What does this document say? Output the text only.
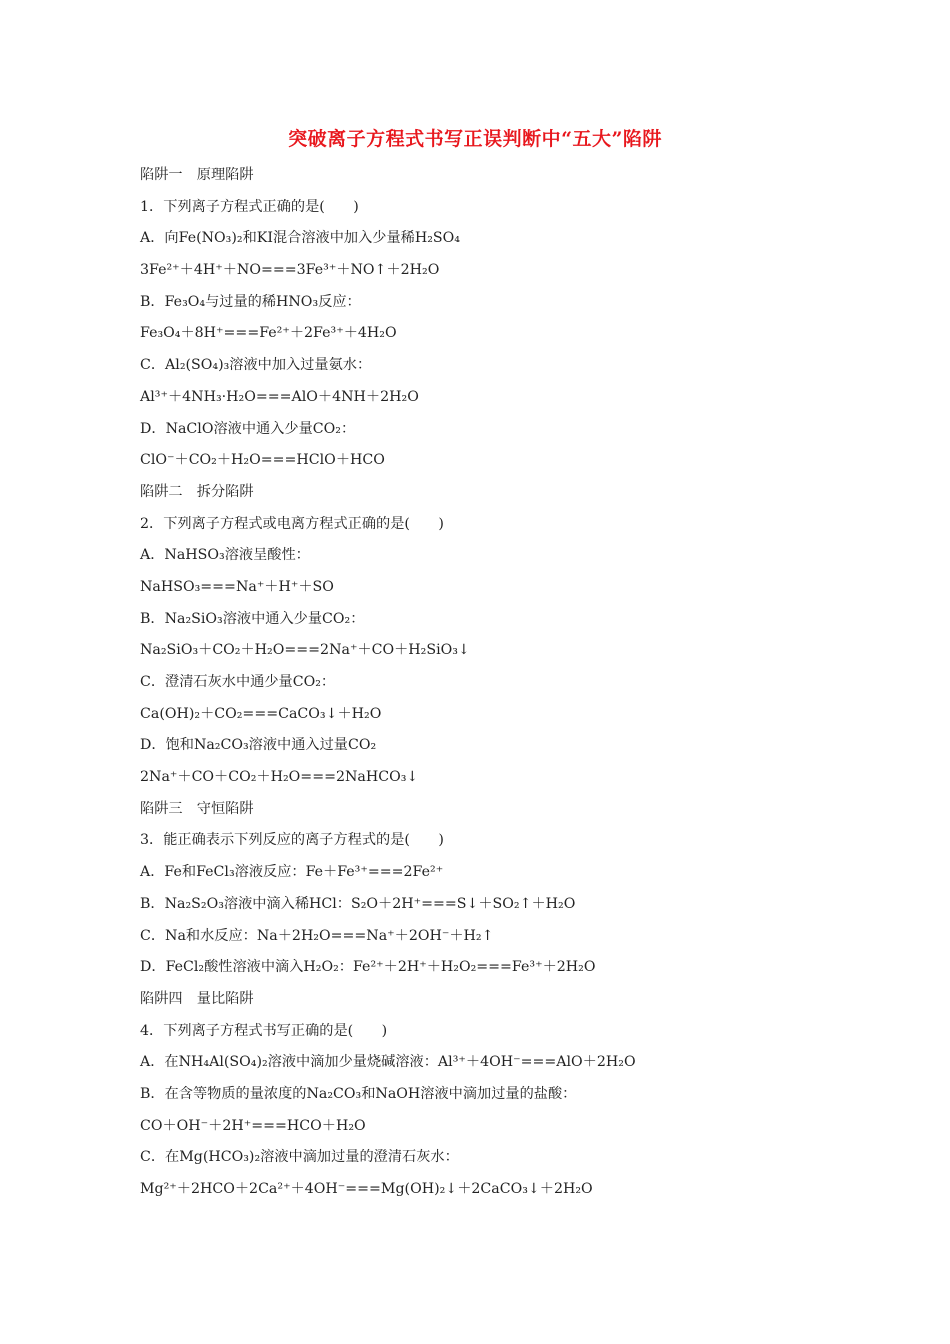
突破离子方程式书写正误判断中“五大”陷阱
陷阱一　原理陷阱
1．下列离子方程式正确的是(　　)
A．向Fe(NO₃)₂和KI混合溶液中加入少量稀H₂SO₄
3Fe²⁺＋4H⁺＋NO===3Fe³⁺＋NO↑＋2H₂O
B．Fe₃O₄与过量的稀HNO₃反应：
Fe₃O₄＋8H⁺===Fe²⁺＋2Fe³⁺＋4H₂O
C．Al₂(SO₄)₃溶液中加入过量氨水：
Al³⁺＋4NH₃·H₂O===AlO＋4NH＋2H₂O
D．NaClO溶液中通入少量CO₂：
ClO⁻＋CO₂＋H₂O===HClO＋HCO
陷阱二　拆分陷阱
2．下列离子方程式或电离方程式正确的是(　　)
A．NaHSO₃溶液呈酸性：
NaHSO₃===Na⁺＋H⁺＋SO
B．Na₂SiO₃溶液中通入少量CO₂：
Na₂SiO₃＋CO₂＋H₂O===2Na⁺＋CO＋H₂SiO₃↓
C．澄清石灰水中通少量CO₂：
Ca(OH)₂＋CO₂===CaCO₃↓＋H₂O
D．饱和Na₂CO₃溶液中通入过量CO₂
2Na⁺＋CO＋CO₂＋H₂O===2NaHCO₃↓
陷阱三　守恒陷阱
3．能正确表示下列反应的离子方程式的是(　　)
A．Fe和FeCl₃溶液反应：Fe＋Fe³⁺===2Fe²⁺
B．Na₂S₂O₃溶液中滴入稀HCl：S₂O＋2H⁺===S↓＋SO₂↑＋H₂O
C．Na和水反应：Na＋2H₂O===Na⁺＋2OH⁻＋H₂↑
D．FeCl₂酸性溶液中滴入H₂O₂：Fe²⁺＋2H⁺＋H₂O₂===Fe³⁺＋2H₂O
陷阱四　量比陷阱
4．下列离子方程式书写正确的是(　　)
A．在NH₄Al(SO₄)₂溶液中滴加少量烧碱溶液：Al³⁺＋4OH⁻===AlO＋2H₂O
B．在含等物质的量浓度的Na₂CO₃和NaOH溶液中滴加过量的盐酸：
CO＋OH⁻＋2H⁺===HCO＋H₂O
C．在Mg(HCO₃)₂溶液中滴加过量的澄清石灰水：
Mg²⁺＋2HCO＋2Ca²⁺＋4OH⁻===Mg(OH)₂↓＋2CaCO₃↓＋2H₂O
